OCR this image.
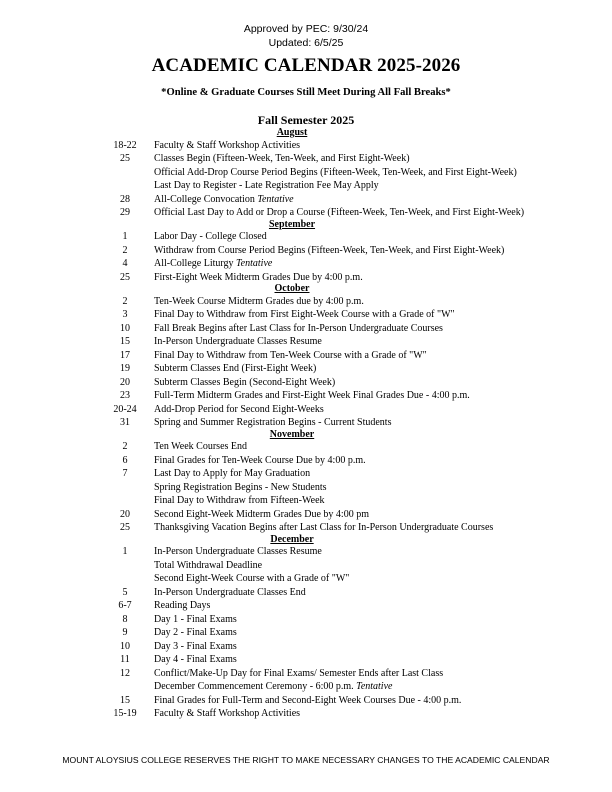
Approved by PEC: 9/30/24
Updated: 6/5/25
ACADEMIC CALENDAR 2025-2026
*Online & Graduate Courses Still Meet During All Fall Breaks*
Fall Semester 2025
August
18-22	Faculty & Staff Workshop Activities
25	Classes Begin (Fifteen-Week, Ten-Week, and First Eight-Week)
Official Add-Drop Course Period Begins (Fifteen-Week, Ten-Week, and First Eight-Week)
Last Day to Register - Late Registration Fee May Apply
28	All-College Convocation Tentative
29	Official Last Day to Add or Drop a Course (Fifteen-Week, Ten-Week, and First Eight-Week)
September
1	Labor Day - College Closed
2	Withdraw from Course Period Begins (Fifteen-Week, Ten-Week, and First Eight-Week)
4	All-College Liturgy Tentative
25	First-Eight Week Midterm Grades Due by 4:00 p.m.
October
2	Ten-Week Course Midterm Grades due by 4:00 p.m.
3	Final Day to Withdraw from First Eight-Week Course with a Grade of "W"
10	Fall Break Begins after Last Class for In-Person Undergraduate Courses
15	In-Person Undergraduate Classes Resume
17	Final Day to Withdraw from Ten-Week Course with a Grade of "W"
19	Subterm Classes End (First-Eight Week)
20	Subterm Classes Begin (Second-Eight Week)
23	Full-Term Midterm Grades and First-Eight Week Final Grades Due - 4:00 p.m.
20-24	Add-Drop Period for Second Eight-Weeks
31	Spring and Summer Registration Begins - Current Students
November
2	Ten Week Courses End
6	Final Grades for Ten-Week Course Due by 4:00 p.m.
7	Last Day to Apply for May Graduation
Spring Registration Begins - New Students
Final Day to Withdraw from Fifteen-Week
20	Second Eight-Week Midterm Grades Due by 4:00 pm
25	Thanksgiving Vacation Begins after Last Class for In-Person Undergraduate Courses
December
1	In-Person Undergraduate Classes Resume
Total Withdrawal Deadline
Second Eight-Week Course with a Grade of "W"
5	In-Person Undergraduate Classes End
6-7	Reading Days
8	Day 1 - Final Exams
9	Day 2 - Final Exams
10	Day 3 - Final Exams
11	Day 4 - Final Exams
12	Conflict/Make-Up Day for Final Exams/ Semester Ends after Last Class
December Commencement Ceremony - 6:00 p.m. Tentative
15	Final Grades for Full-Term and Second-Eight Week Courses Due - 4:00 p.m.
15-19	Faculty & Staff Workshop Activities
MOUNT ALOYSIUS COLLEGE RESERVES THE RIGHT TO MAKE NECESSARY CHANGES TO THE ACADEMIC CALENDAR
